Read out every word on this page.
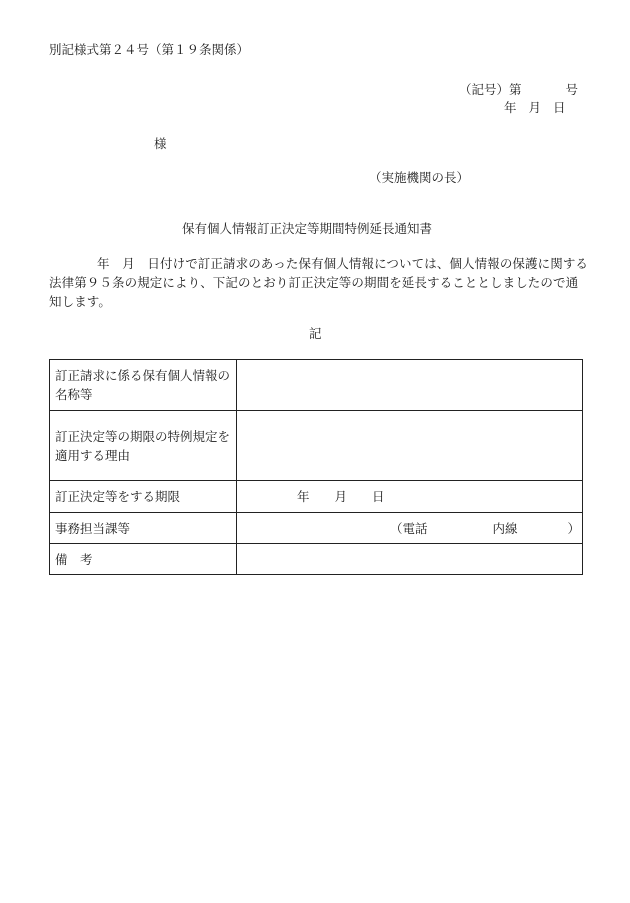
別記様式第２４号（第１９条関係）
（記号）第	号
年 月 日
様
（実施機関の長）
保有個人情報訂正決定等期間特例延長通知書
年　月　日付けで訂正請求のあった保有個人情報については、個人情報の保護に関する法律第９５条の規定により、下記のとおり訂正決定等の期間を延長することとしましたので通知します。
記
訂正請求に係る保有個人情報の名称等	
訂正決定等の期限の特例規定を適用する理由	
訂正決定等をする期限	年 月 日
事務担当課等	（電話 内線 ）
備　考	
